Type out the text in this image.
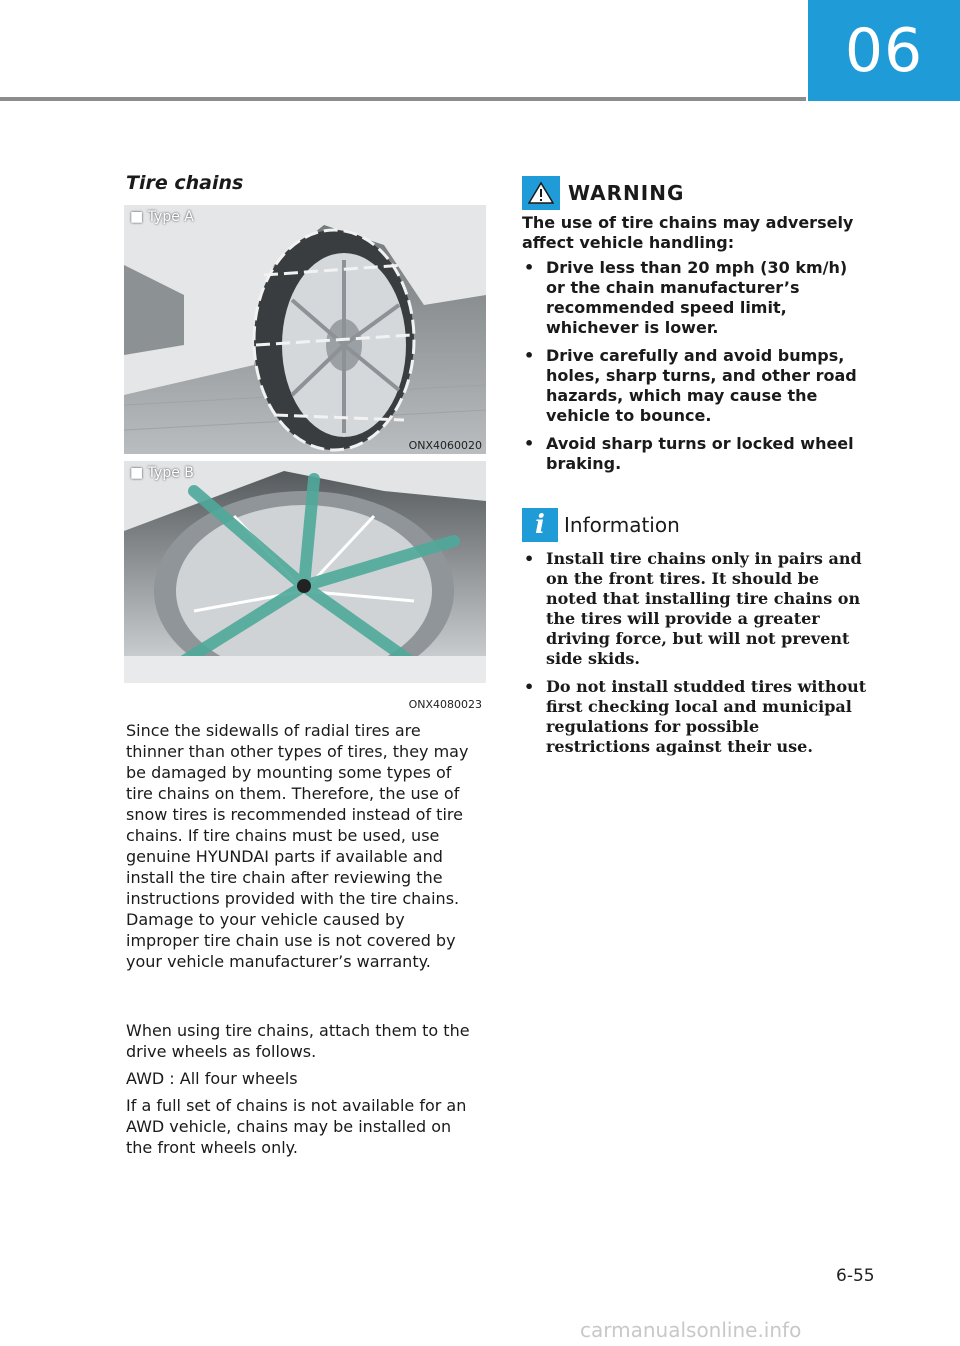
06
Tire chains
■ Type A
ONX4060020
■ Type B
ONX4080023

Since the sidewalls of radial tires are thinner than other types of tires, they may be damaged by mounting some types of tire chains on them. Therefore, the use of snow tires is recommended instead of tire chains. If tire chains must be used, use genuine HYUNDAI parts if available and install the tire chain after reviewing the instructions provided with the tire chains. Damage to your vehicle caused by improper tire chain use is not covered by your vehicle manufacturer’s warranty.

When using tire chains, attach them to the drive wheels as follows.

AWD : All four wheels

If a full set of chains is not available for an AWD vehicle, chains may be installed on the front wheels only.

WARNING

The use of tire chains may adversely affect vehicle handling:

• Drive less than 20 mph (30 km/h) or the chain manufacturer’s recommended speed limit, whichever is lower.
• Drive carefully and avoid bumps, holes, sharp turns, and other road hazards, which may cause the vehicle to bounce.
• Avoid sharp turns or locked wheel braking.
i Information
• Install tire chains only in pairs and on the front tires. It should be noted that installing tire chains on the tires will provide a greater driving force, but will not prevent side skids.
• Do not install studded tires without first checking local and municipal regulations for possible restrictions against their use.
6-55
carmanualsonline.info
